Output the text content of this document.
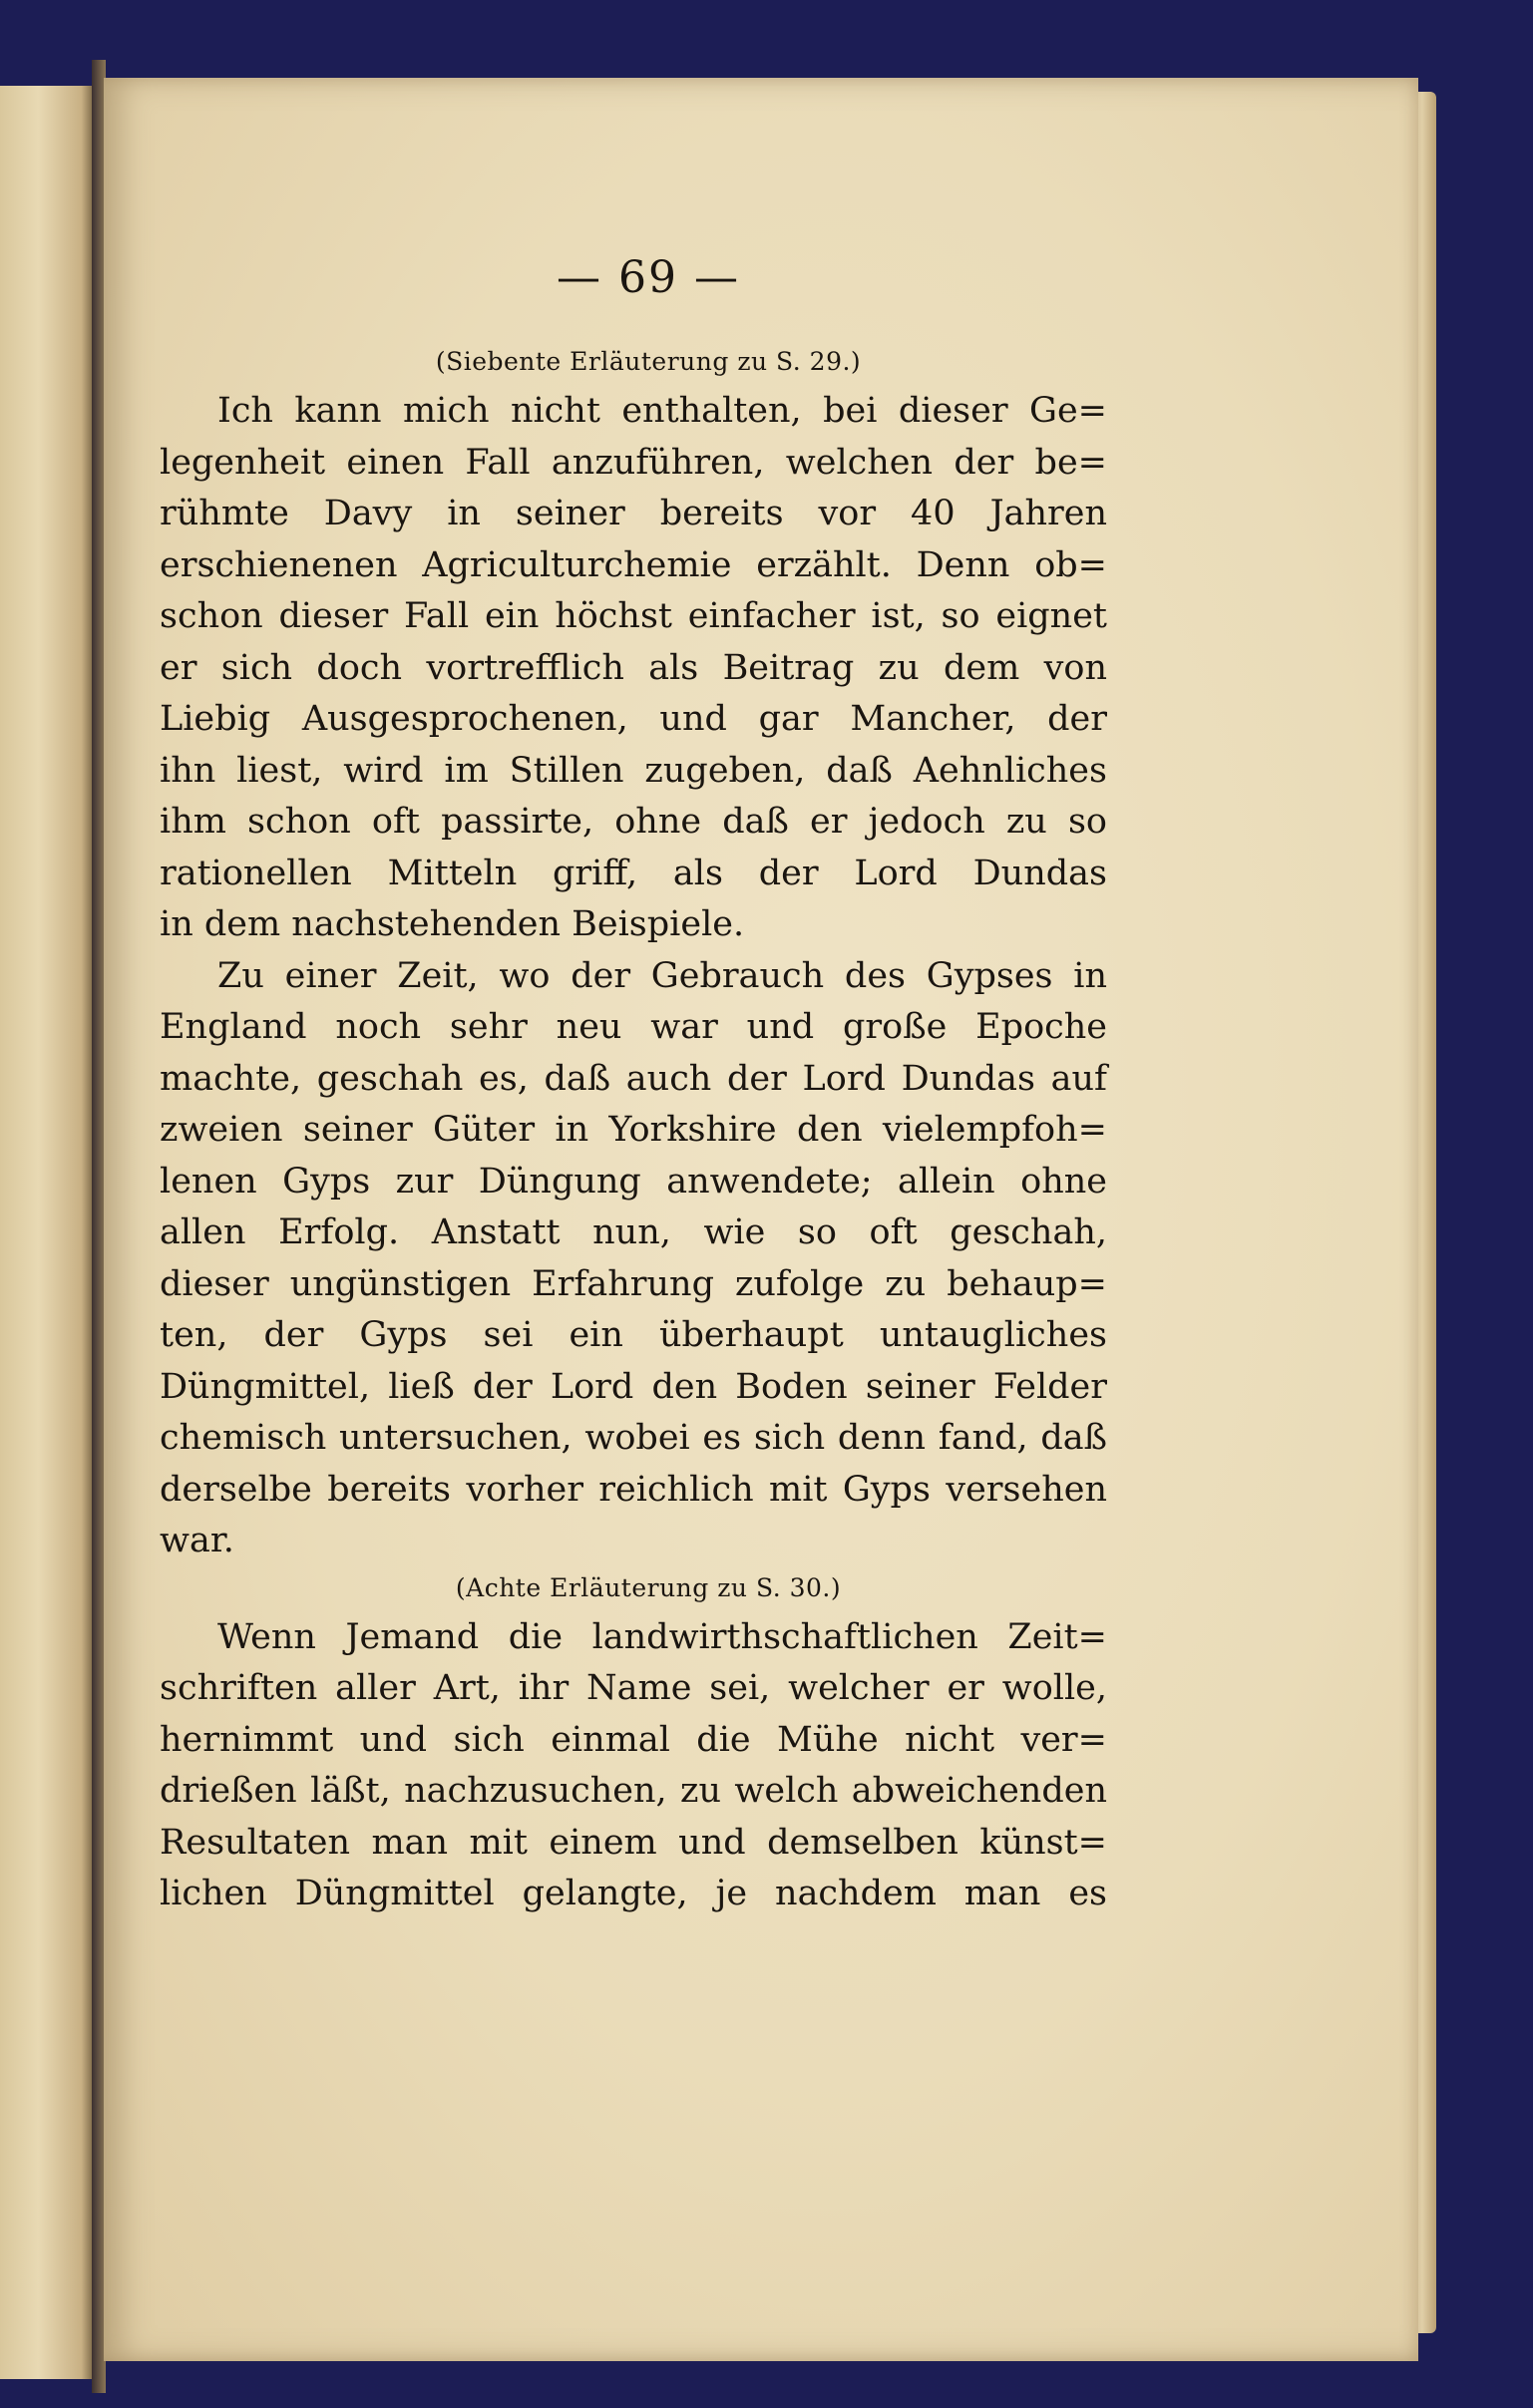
— 69 —
(Siebente Erläuterung zu S. 29.)
Ich kann mich nicht enthalten, bei dieser Ge=
legenheit einen Fall anzuführen, welchen der be=
rühmte Davy in seiner bereits vor 40 Jahren
erschienenen Agriculturchemie erzählt. Denn ob=
schon dieser Fall ein höchst einfacher ist, so eignet
er sich doch vortrefflich als Beitrag zu dem von
Liebig Ausgesprochenen, und gar Mancher, der
ihn liest, wird im Stillen zugeben, daß Aehnliches
ihm schon oft passirte, ohne daß er jedoch zu so
rationellen Mitteln griff, als der Lord Dundas
in dem nachstehenden Beispiele.
Zu einer Zeit, wo der Gebrauch des Gypses in
England noch sehr neu war und große Epoche
machte, geschah es, daß auch der Lord Dundas auf
zweien seiner Güter in Yorkshire den vielempfoh=
lenen Gyps zur Düngung anwendete; allein ohne
allen Erfolg. Anstatt nun, wie so oft geschah,
dieser ungünstigen Erfahrung zufolge zu behaup=
ten, der Gyps sei ein überhaupt untaugliches
Düngmittel, ließ der Lord den Boden seiner Felder
chemisch untersuchen, wobei es sich denn fand, daß
derselbe bereits vorher reichlich mit Gyps versehen
war.
(Achte Erläuterung zu S. 30.)
Wenn Jemand die landwirthschaftlichen Zeit=
schriften aller Art, ihr Name sei, welcher er wolle,
hernimmt und sich einmal die Mühe nicht ver=
drießen läßt, nachzusuchen, zu welch abweichenden
Resultaten man mit einem und demselben künst=
lichen Düngmittel gelangte, je nachdem man es
